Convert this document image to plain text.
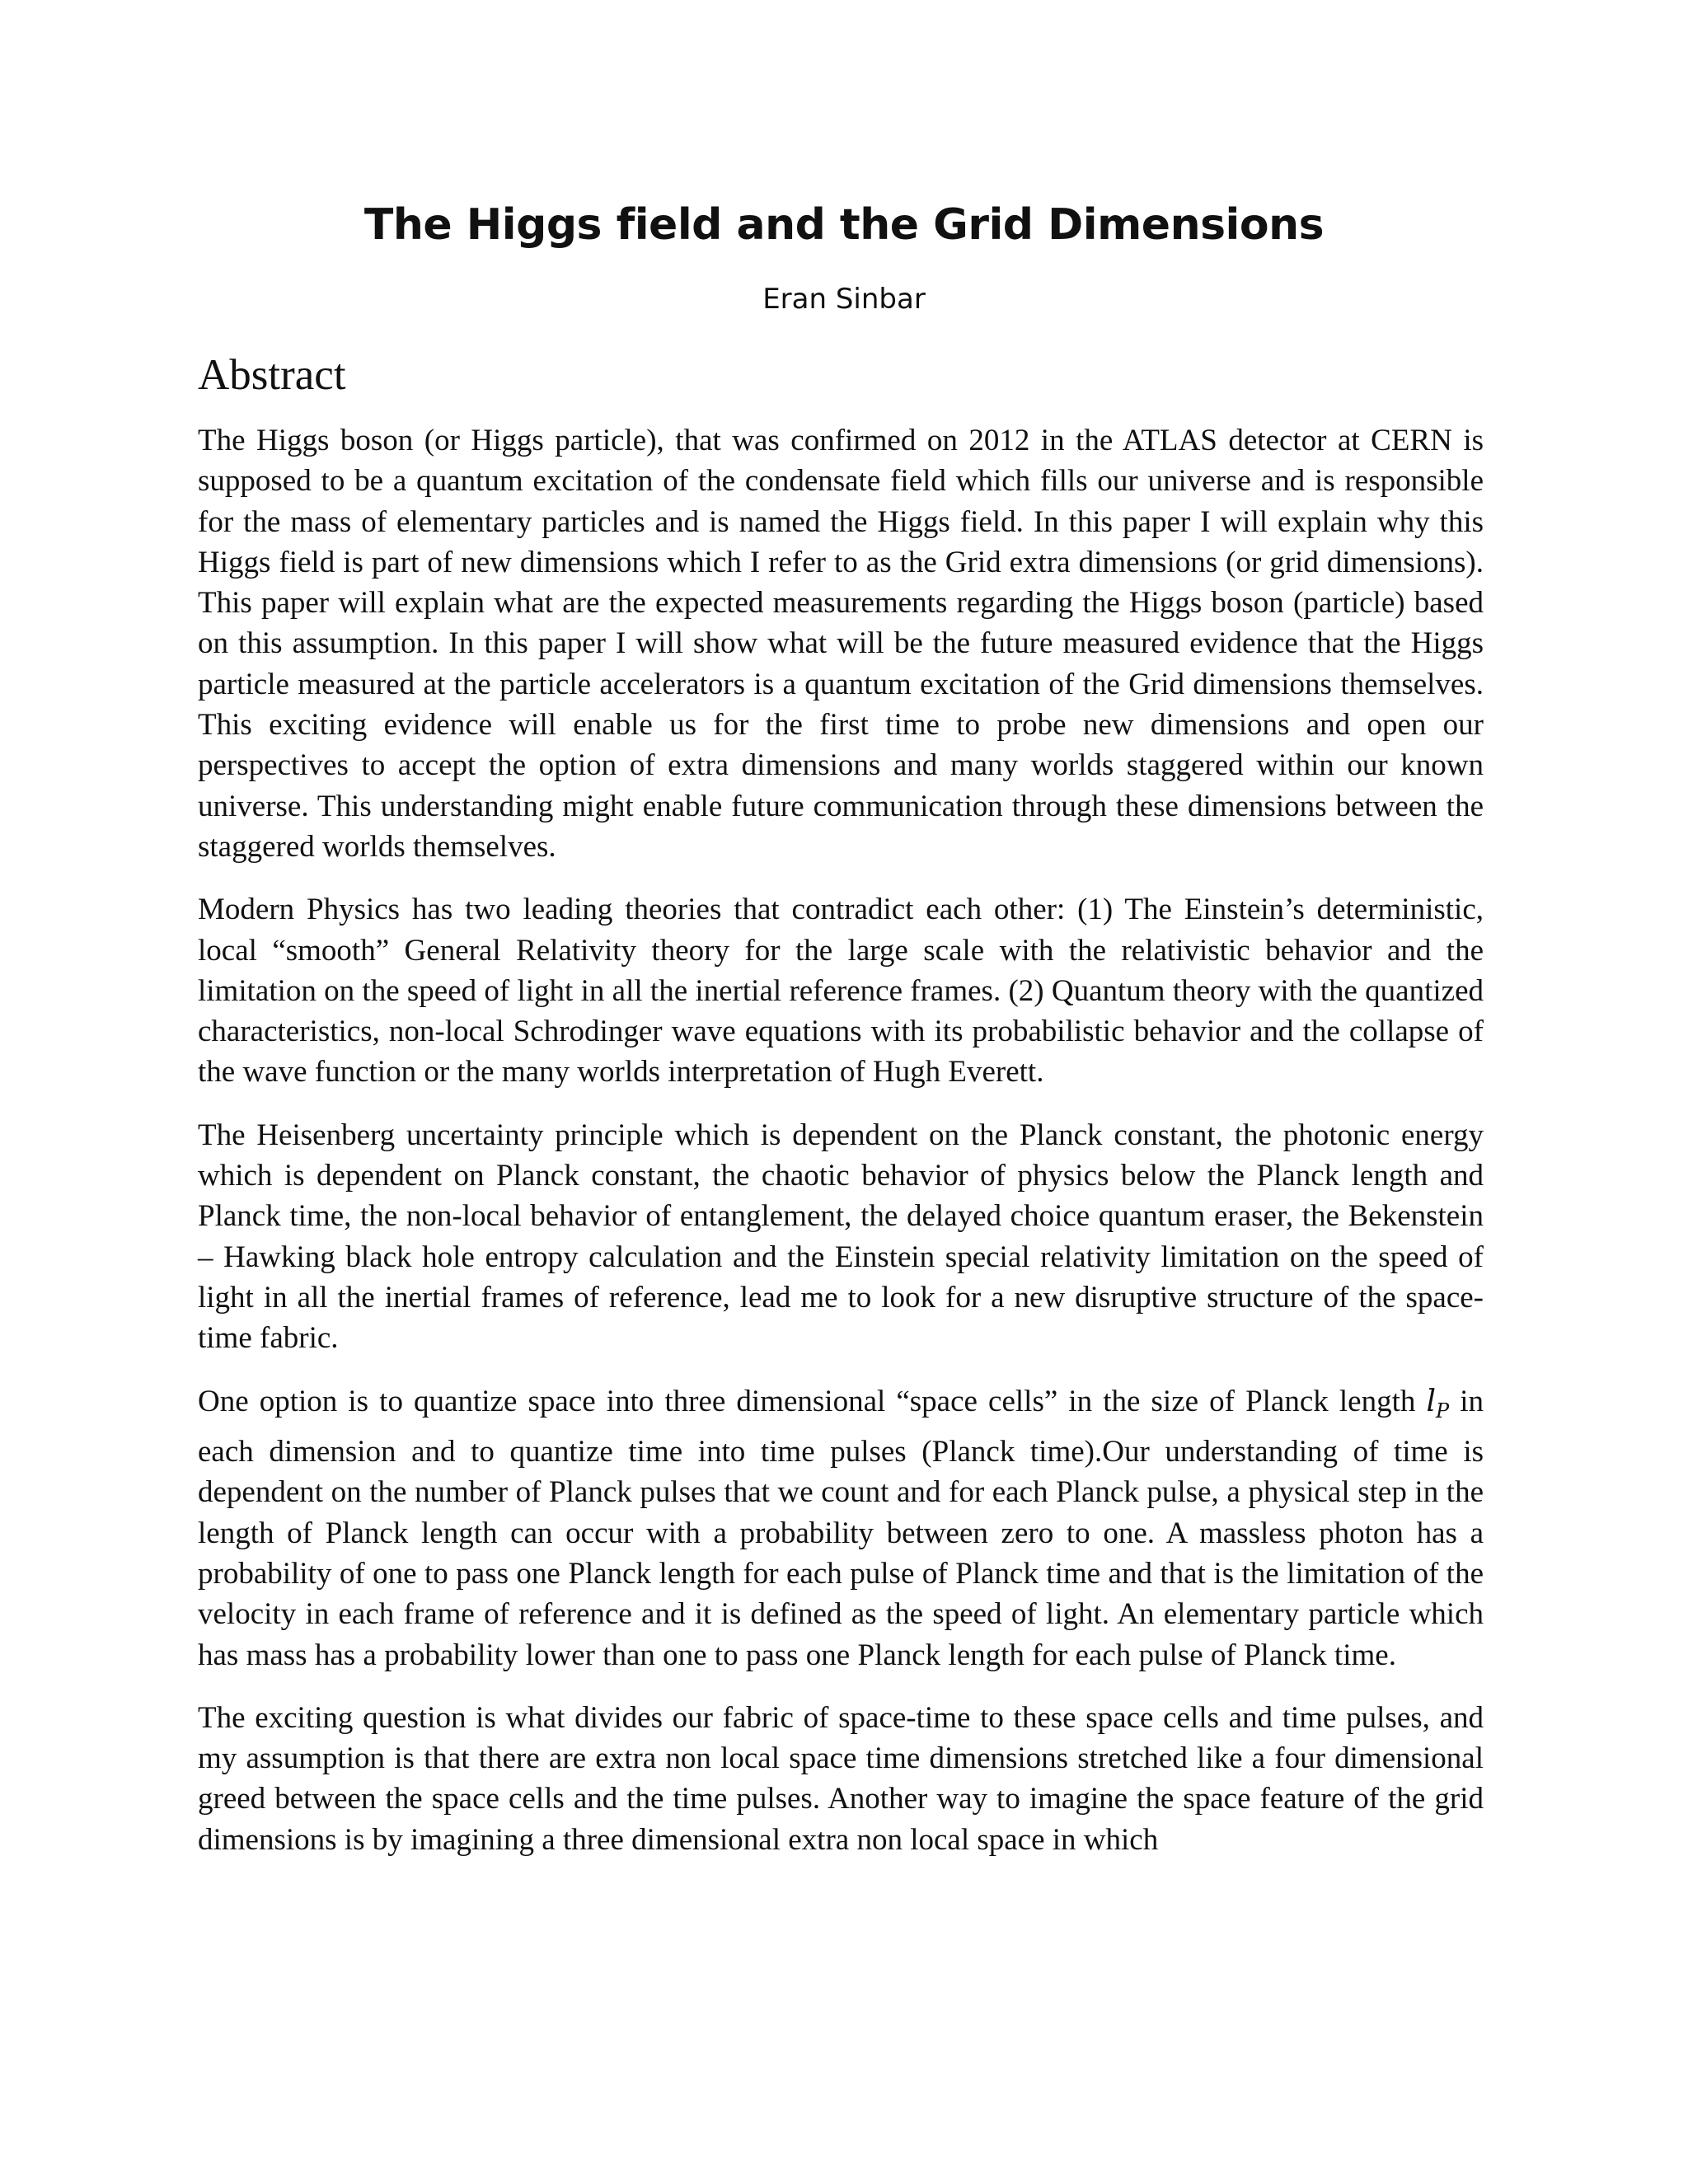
The Higgs field and the Grid Dimensions
Eran Sinbar
Abstract

The Higgs boson (or Higgs particle), that was confirmed on 2012 in the ATLAS detector at CERN is supposed to be a quantum excitation of the condensate field which fills our universe and is responsible for the mass of elementary particles and is named the Higgs field. In this paper I will explain why this Higgs field is part of new dimensions which I refer to as the Grid extra dimensions (or grid dimensions). This paper will explain what are the expected measurements regarding the Higgs boson (particle) based on this assumption. In this paper I will show what will be the future measured evidence that the Higgs particle measured at the particle accelerators is a quantum excitation of the Grid dimensions themselves. This exciting evidence will enable us for the first time to probe new dimensions and open our perspectives to accept the option of extra dimensions and many worlds staggered within our known universe. This understanding might enable future communication through these dimensions between the staggered worlds themselves.

Modern Physics has two leading theories that contradict each other: (1) The Einstein’s deterministic, local “smooth” General Relativity theory for the large scale with the relativistic behavior and the limitation on the speed of light in all the inertial reference frames. (2) Quantum theory with the quantized characteristics, non-local Schrodinger wave equations with its probabilistic behavior and the collapse of the wave function or the many worlds interpretation of Hugh Everett.

The Heisenberg uncertainty principle which is dependent on the Planck constant, the photonic energy which is dependent on Planck constant, the chaotic behavior of physics below the Planck length and Planck time, the non-local behavior of entanglement, the delayed choice quantum eraser, the Bekenstein – Hawking black hole entropy calculation and the Einstein special relativity limitation on the speed of light in all the inertial frames of reference, lead me to look for a new disruptive structure of the space-time fabric.

One option is to quantize space into three dimensional “space cells” in the size of Planck length $l_P$ in each dimension and to quantize time into time pulses (Planck time).Our understanding of time is dependent on the number of Planck pulses that we count and for each Planck pulse, a physical step in the length of Planck length can occur with a probability between zero to one. A massless photon has a probability of one to pass one Planck length for each pulse of Planck time and that is the limitation of the velocity in each frame of reference and it is defined as the speed of light. An elementary particle which has mass has a probability lower than one to pass one Planck length for each pulse of Planck time.

The exciting question is what divides our fabric of space-time to these space cells and time pulses, and my assumption is that there are extra non local space time dimensions stretched like a four dimensional greed between the space cells and the time pulses. Another way to imagine the space feature of the grid dimensions is by imagining a three dimensional extra non local space in which
